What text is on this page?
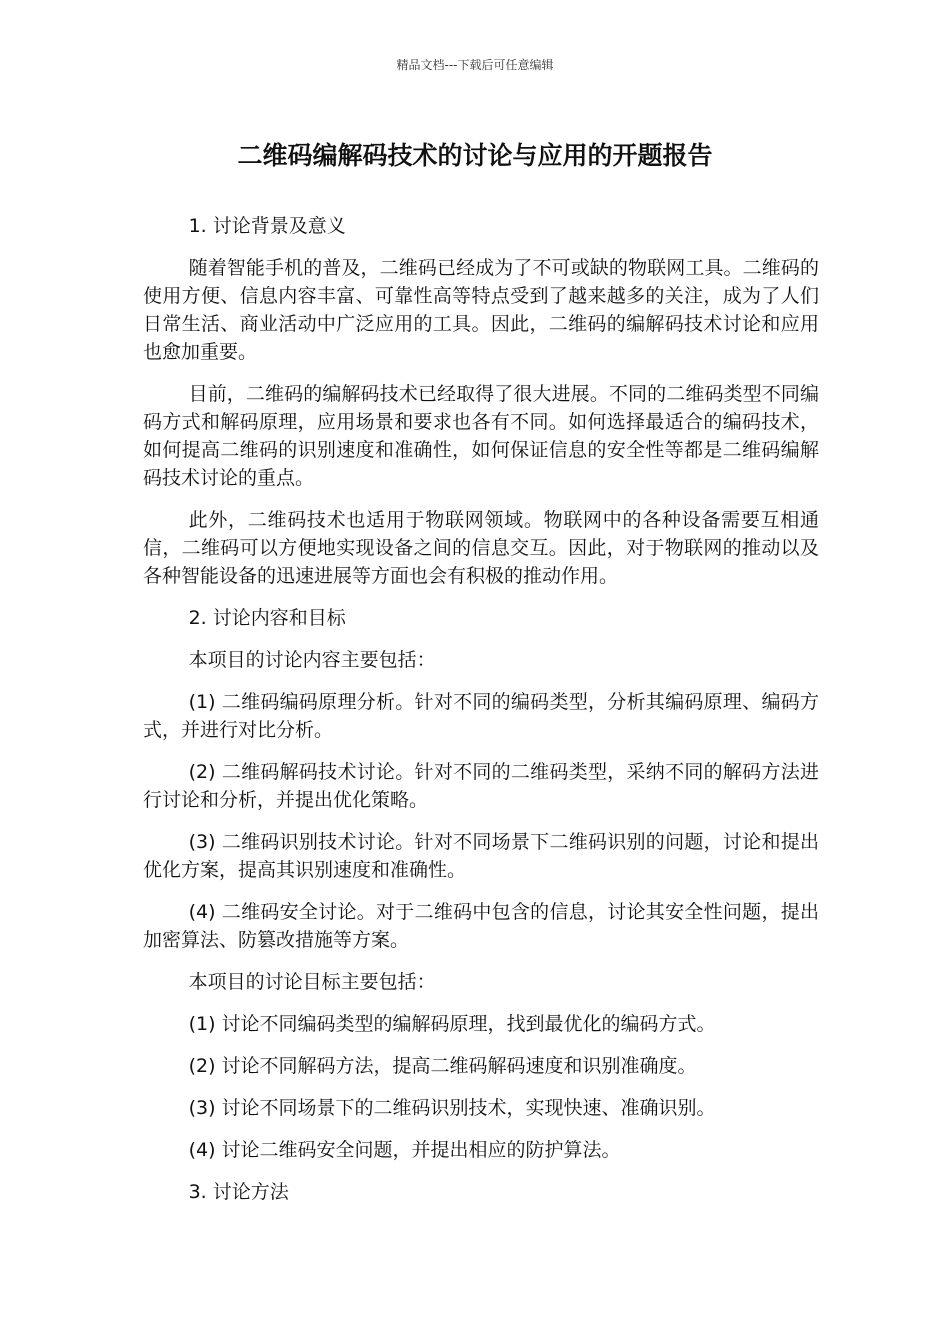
精品文档---下载后可任意编辑
二维码编解码技术的讨论与应用的开题报告

1. 讨论背景及意义

随着智能手机的普及，二维码已经成为了不可或缺的物联网工具。二维码的使用方便、信息内容丰富、可靠性高等特点受到了越来越多的关注，成为了人们日常生活、商业活动中广泛应用的工具。因此，二维码的编解码技术讨论和应用也愈加重要。

目前，二维码的编解码技术已经取得了很大进展。不同的二维码类型不同编码方式和解码原理，应用场景和要求也各有不同。如何选择最适合的编码技术，如何提高二维码的识别速度和准确性，如何保证信息的安全性等都是二维码编解码技术讨论的重点。

此外，二维码技术也适用于物联网领域。物联网中的各种设备需要互相通信，二维码可以方便地实现设备之间的信息交互。因此，对于物联网的推动以及各种智能设备的迅速进展等方面也会有积极的推动作用。

2. 讨论内容和目标

本项目的讨论内容主要包括：

(1) 二维码编码原理分析。针对不同的编码类型，分析其编码原理、编码方式，并进行对比分析。

(2) 二维码解码技术讨论。针对不同的二维码类型，采纳不同的解码方法进行讨论和分析，并提出优化策略。

(3) 二维码识别技术讨论。针对不同场景下二维码识别的问题，讨论和提出优化方案，提高其识别速度和准确性。

(4) 二维码安全讨论。对于二维码中包含的信息，讨论其安全性问题，提出加密算法、防篡改措施等方案。

本项目的讨论目标主要包括：

(1) 讨论不同编码类型的编解码原理，找到最优化的编码方式。

(2) 讨论不同解码方法，提高二维码解码速度和识别准确度。

(3) 讨论不同场景下的二维码识别技术，实现快速、准确识别。

(4) 讨论二维码安全问题，并提出相应的防护算法。

3. 讨论方法
